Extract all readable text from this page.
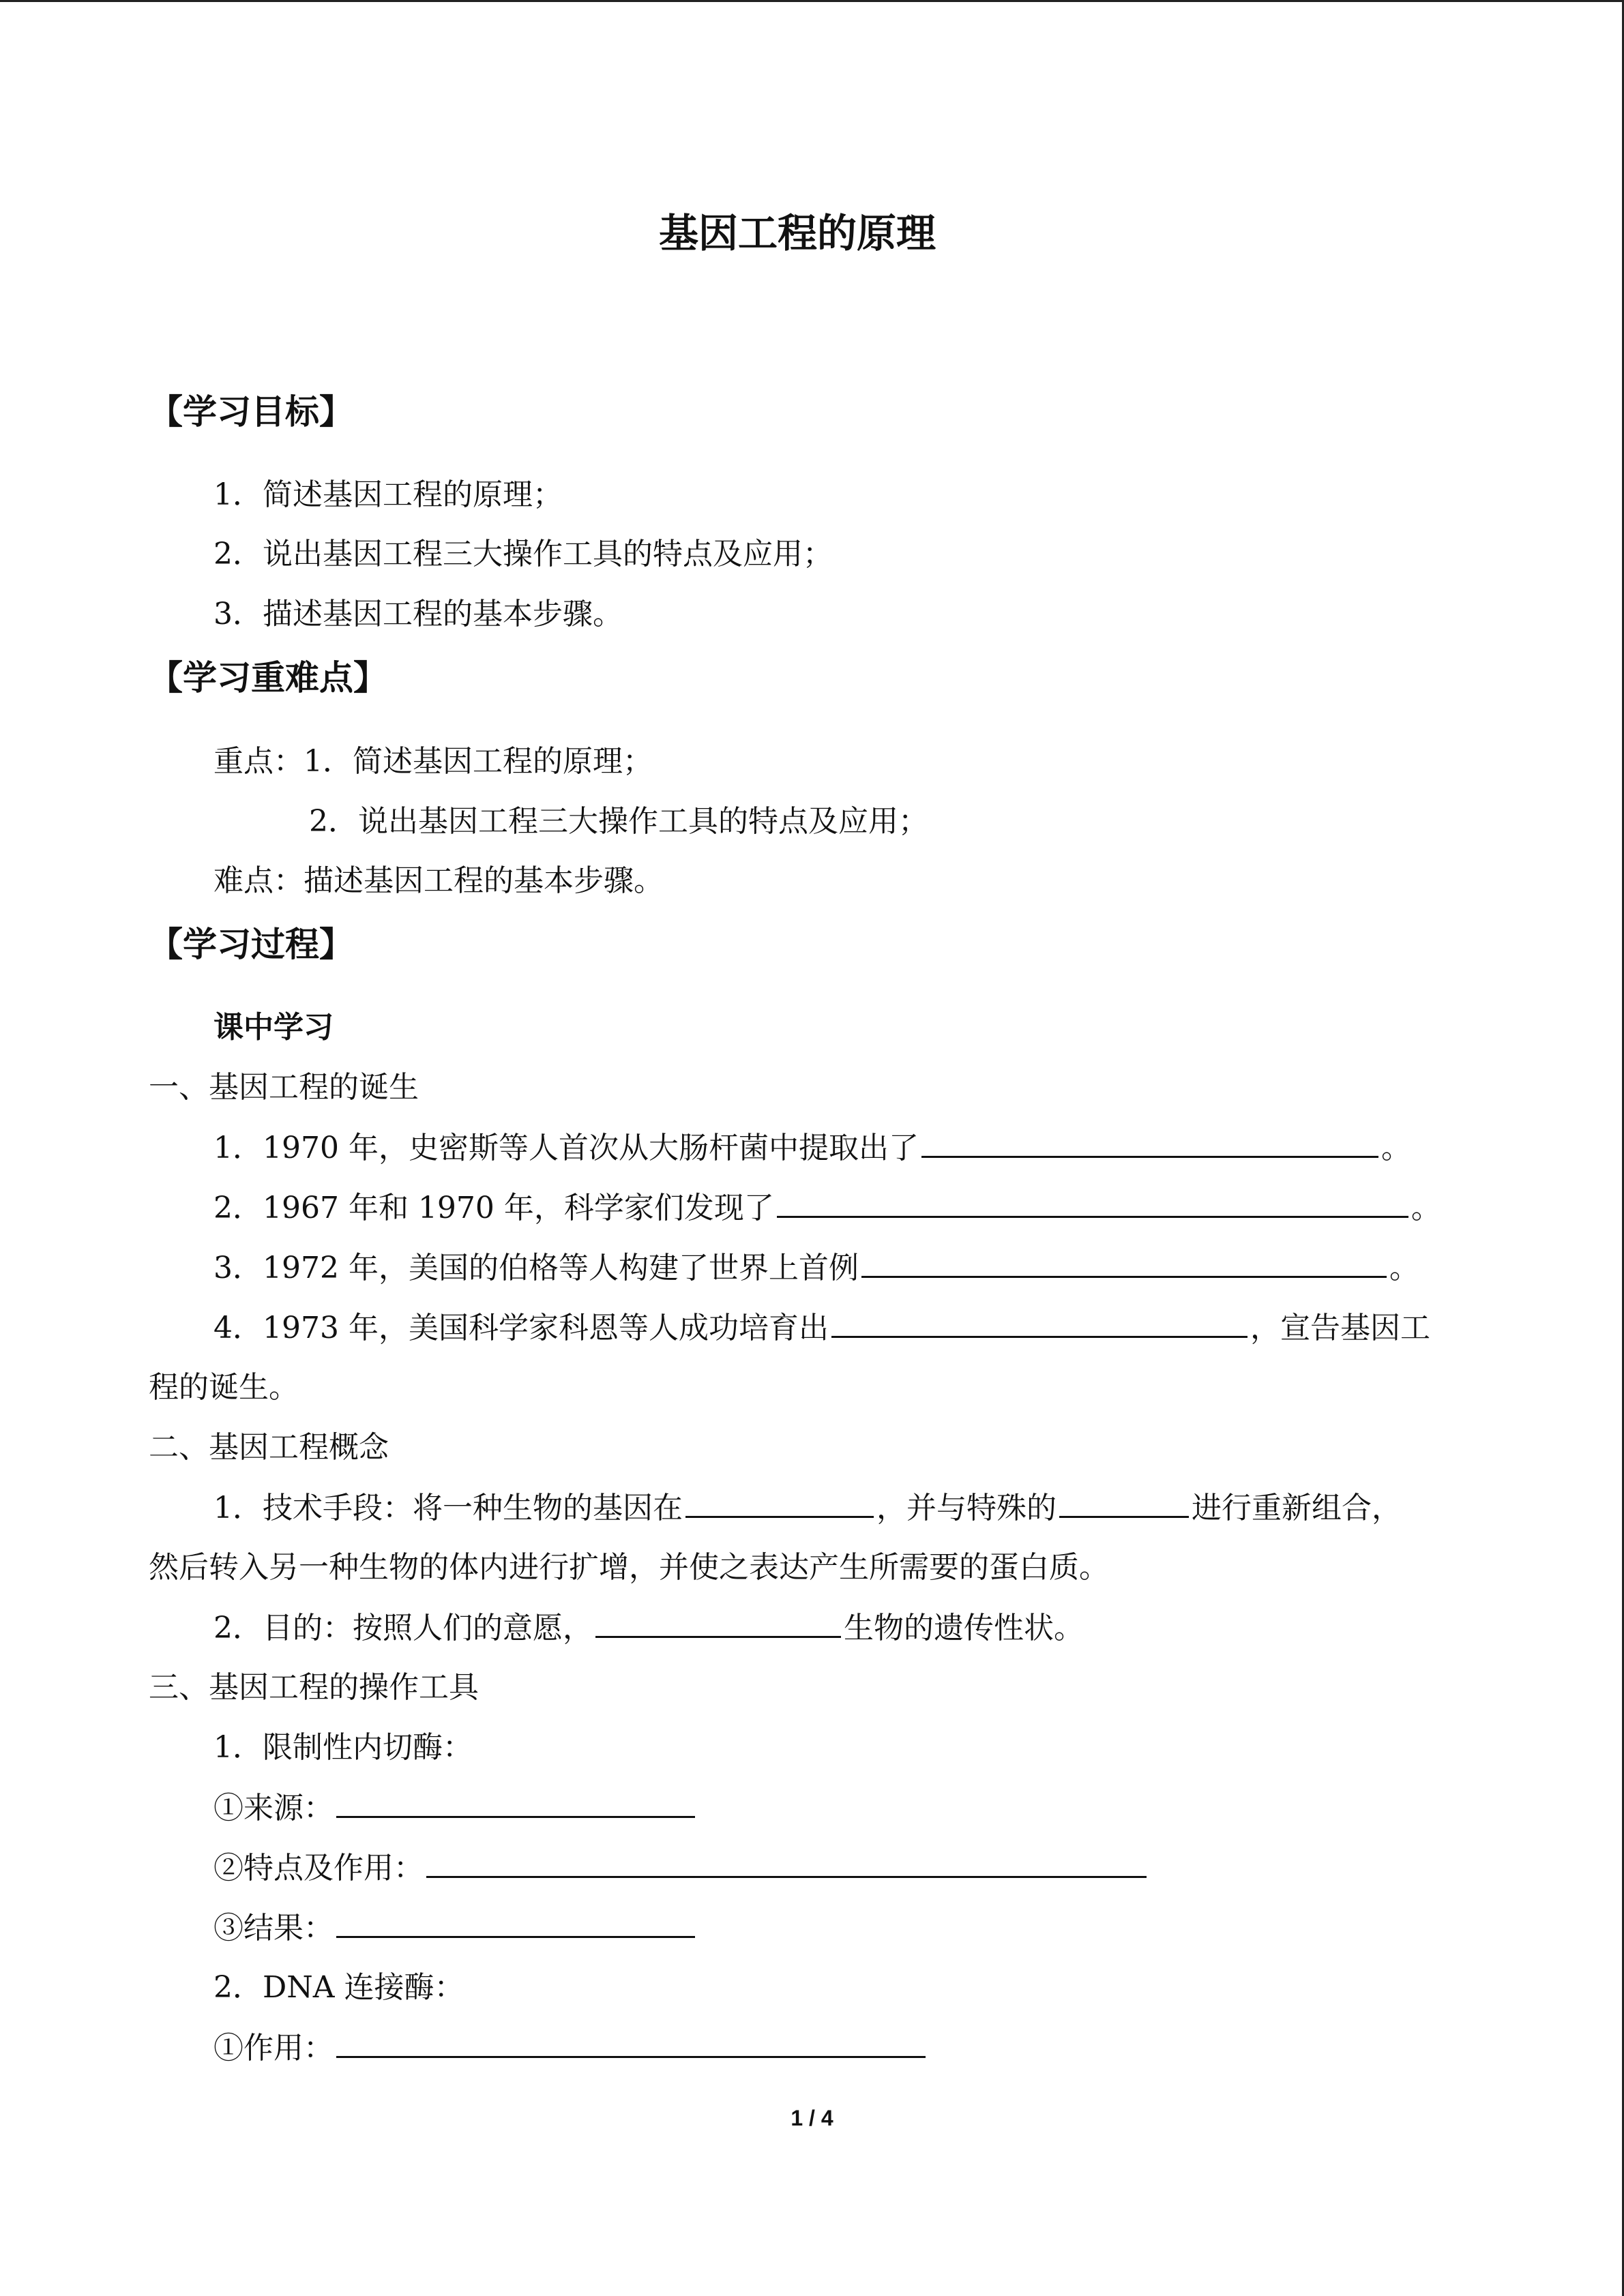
基因工程的原理
【学习目标】
1．简述基因工程的原理；
2．说出基因工程三大操作工具的特点及应用；
3．描述基因工程的基本步骤。
【学习重难点】
重点：1．简述基因工程的原理；
2．说出基因工程三大操作工具的特点及应用；
难点：描述基因工程的基本步骤。
【学习过程】
课中学习
一、基因工程的诞生
1．1970 年，史密斯等人首次从大肠杆菌中提取出了	。
2．1967 年和 1970 年，科学家们发现了	。
3．1972 年，美国的伯格等人构建了世界上首例	。
4．1973 年，美国科学家科恩等人成功培育出	，宣告基因工
程的诞生。
二、基因工程概念
1．技术手段：将一种生物的基因在	，并与特殊的	进行重新组合，
然后转入另一种生物的体内进行扩增，并使之表达产生所需要的蛋白质。
2．目的：按照人们的意愿，	生物的遗传性状。
三、基因工程的操作工具
1．限制性内切酶：
①来源：
②特点及作用：
③结果：
2．DNA 连接酶：
①作用：
1 / 4
